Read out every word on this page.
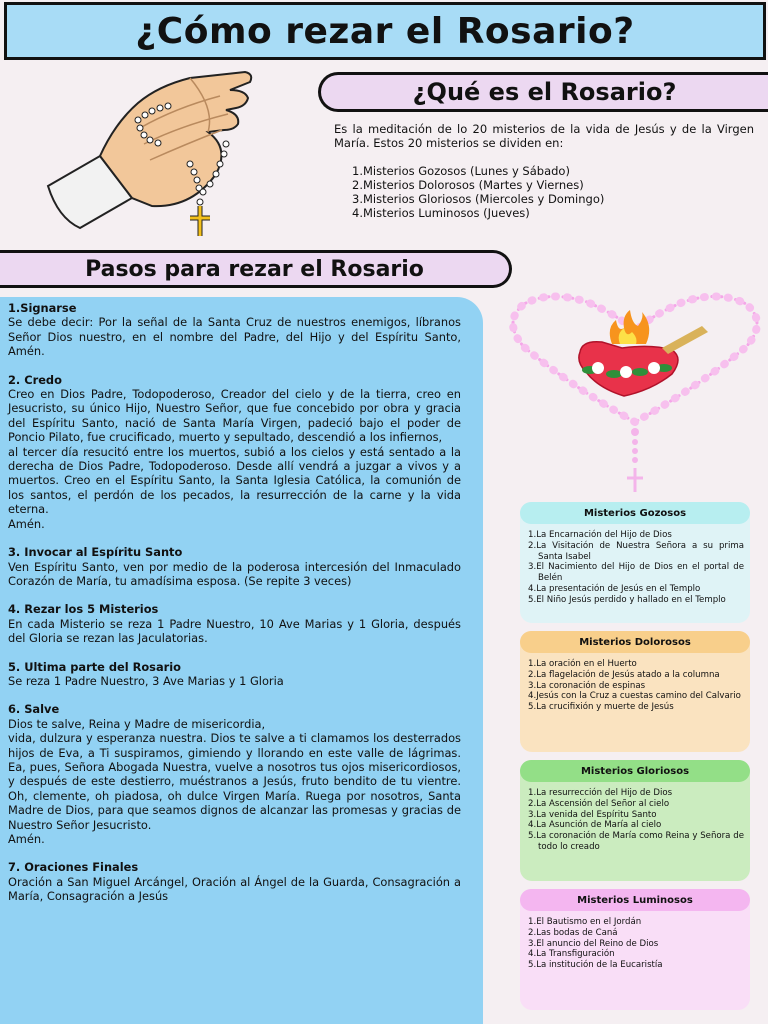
¿Cómo rezar el Rosario?
¿Qué es el Rosario?

Es la meditación de lo 20 misterios de la vida de Jesús y de la Virgen María. Estos 20 misterios se dividen en:

1.Misterios Gozosos (Lunes y Sábado)
2.Misterios Dolorosos (Martes y Viernes)
3.Misterios Gloriosos (Miercoles y Domingo)
4.Misterios Luminosos (Jueves)
Pasos para rezar el Rosario
1.Signarse
Se debe decir: Por la señal de la Santa Cruz de nuestros enemigos, líbranos Señor Dios nuestro, en el nombre del Padre, del Hijo y del Espíritu Santo, Amén.
2. Credo
Creo en Dios Padre, Todopoderoso, Creador del cielo y de la tierra, creo en Jesucristo, su único Hijo, Nuestro Señor, que fue concebido por obra y gracia del Espíritu Santo, nació de Santa María Virgen, padeció bajo el poder de Poncio Pilato, fue crucificado, muerto y sepultado, descendió a los infiernos,
al tercer día resucitó entre los muertos, subió a los cielos y está sentado a la derecha de Dios Padre, Todopoderoso. Desde allí vendrá a juzgar a vivos y a muertos. Creo en el Espíritu Santo, la Santa Iglesia Católica, la comunión de los santos, el perdón de los pecados, la resurrección de la carne y la vida eterna.
Amén.
3. Invocar al Espíritu Santo
Ven Espíritu Santo, ven por medio de la poderosa intercesión del Inmaculado Corazón de María, tu amadísima esposa. (Se repite 3 veces)
4. Rezar los 5 Misterios
En cada Misterio se reza 1 Padre Nuestro, 10 Ave Marias y 1 Gloria, después del Gloria se rezan las Jaculatorias.
5. Ultima parte del Rosario
Se reza 1 Padre Nuestro, 3 Ave Marias y 1 Gloria
6. Salve
Dios te salve, Reina y Madre de misericordia,
vida, dulzura y esperanza nuestra. Dios te salve a ti clamamos los desterrados hijos de Eva, a Ti suspiramos, gimiendo y llorando en este valle de lágrimas. Ea, pues, Señora Abogada Nuestra, vuelve a nosotros tus ojos misericordiosos, y después de este destierro, muéstranos a Jesús, fruto bendito de tu vientre. Oh, clemente, oh piadosa, oh dulce Virgen María. Ruega por nosotros, Santa Madre de Dios, para que seamos dignos de alcanzar las promesas y gracias de Nuestro Señor Jesucristo.
Amén.
7. Oraciones Finales
Oración a San Miguel Arcángel, Oración al Ángel de la Guarda, Consagración a María, Consagración a Jesús
Misterios Gozosos
1.La Encarnación del Hijo de Dios
2.La Visitación de Nuestra Señora a su prima Santa Isabel
3.El Nacimiento del Hijo de Dios en el portal de Belén
4.La presentación de Jesús en el Templo
5.El Niño Jesús perdido y hallado en el Templo
Misterios Dolorosos
1.La oración en el Huerto
2.La flagelación de Jesús atado a la columna
3.La coronación de espinas
4.Jesús con la Cruz a cuestas camino del Calvario
5.La crucifixión y muerte de Jesús
Misterios Gloriosos
1.La resurrección del Hijo de Dios
2.La Ascensión del Señor al cielo
3.La venida del Espíritu Santo
4.La Asunción de María al cielo
5.La coronación de María como Reina y Señora de todo lo creado
Misterios Luminosos
1.El Bautismo en el Jordán
2.Las bodas de Caná
3.El anuncio del Reino de Dios
4.La Transfiguración
5.La institución de la Eucaristía
